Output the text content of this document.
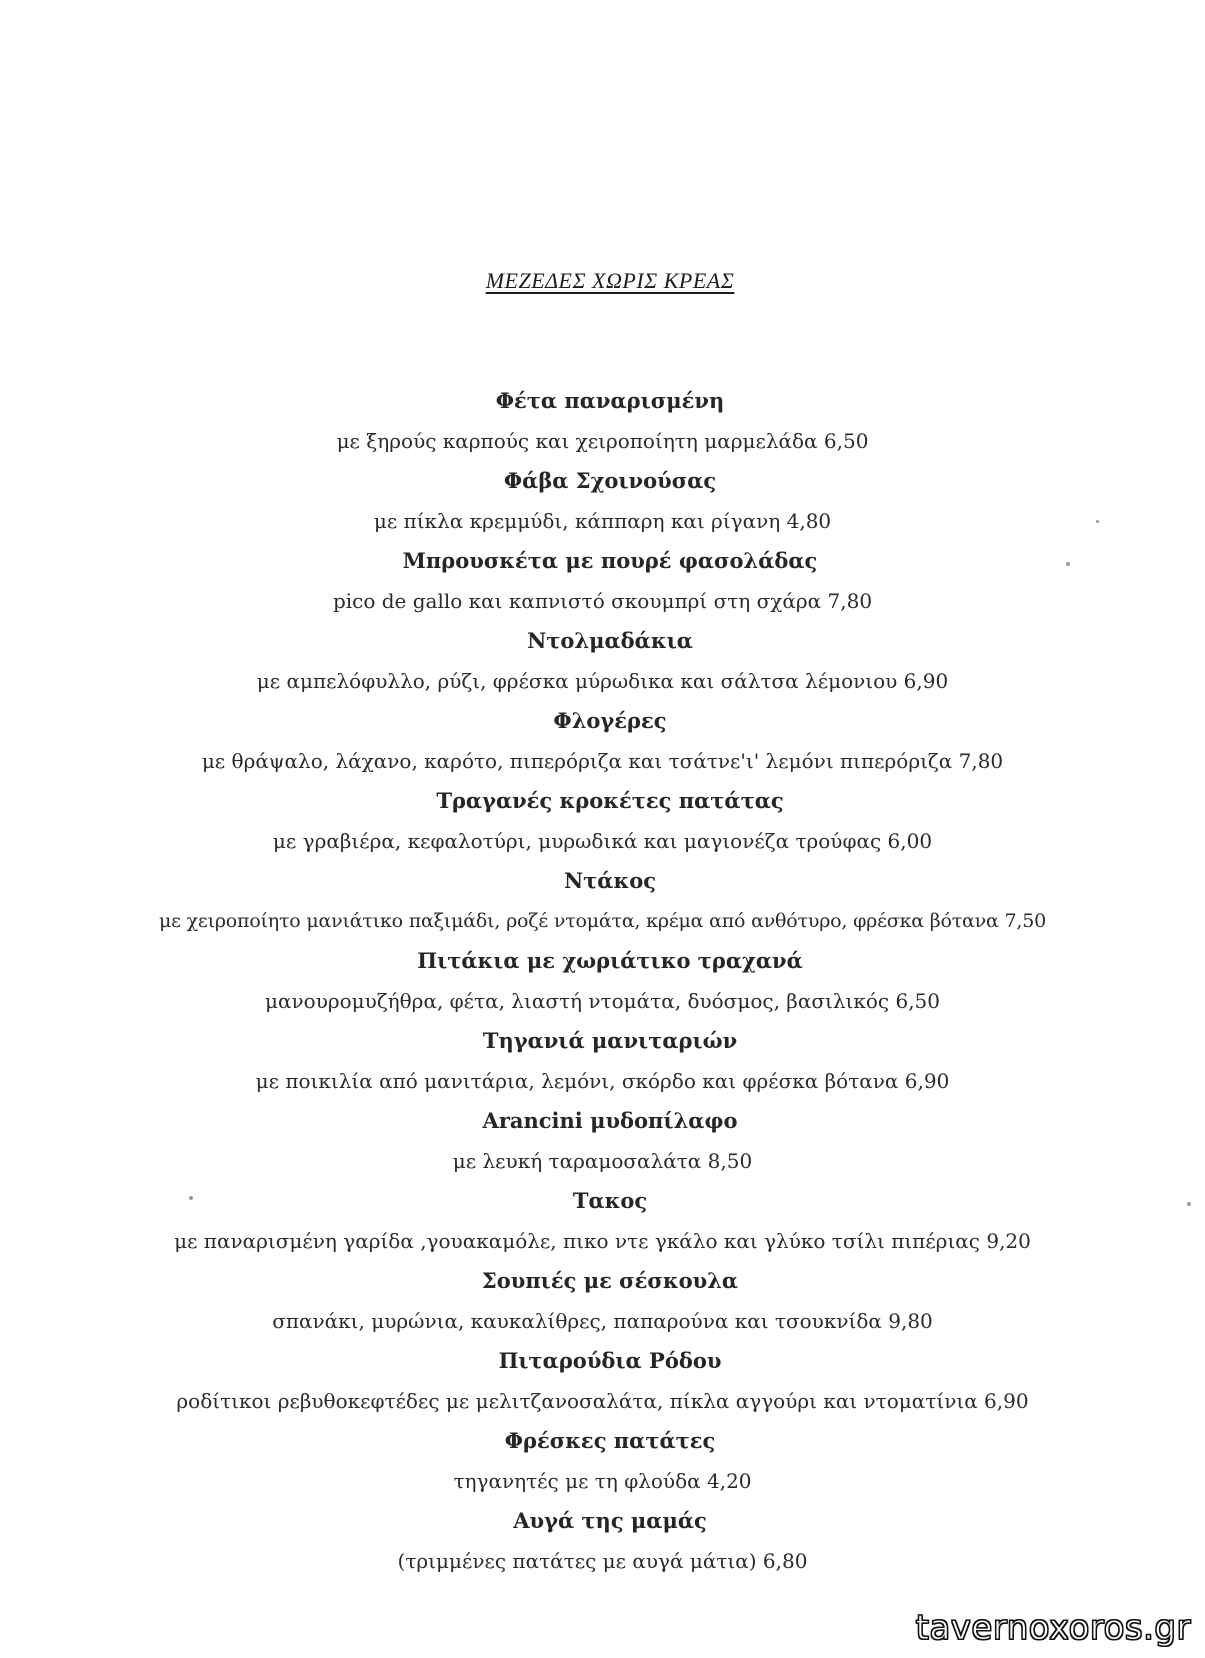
ΜΕΖΕΔΕΣ ΧΩΡΙΣ ΚΡΕΑΣ
Φέτα παναρισμένη
με ξηρούς καρπούς και χειροποίητη μαρμελάδα 6,50
Φάβα Σχοινούσας
με πίκλα κρεμμύδι, κάππαρη και ρίγανη 4,80
Μπρουσκέτα με πουρέ φασολάδας
pico de gallo και καπνιστό σκουμπρί στη σχάρα 7,80
Ντολμαδάκια
με αμπελόφυλλο, ρύζι, φρέσκα μύρωδικα και σάλτσα λέμονιου 6,90
Φλογέρες
με θράψαλο, λάχανο, καρότο, πιπερόριζα και τσάτνε'ι' λεμόνι πιπερόριζα 7,80
Τραγανές κροκέτες πατάτας
με γραβιέρα, κεφαλοτύρι, μυρωδικά και μαγιονέζα τρούφας 6,00
Ντάκος
με χειροποίητο μανιάτικο παξιμάδι, ροζέ ντομάτα, κρέμα από ανθότυρο, φρέσκα βότανα 7,50
Πιτάκια με χωριάτικο τραχανά
μανουρομυζήθρα, φέτα, λιαστή ντομάτα, δυόσμος, βασιλικός 6,50
Τηγανιά μανιταριών
με ποικιλία από μανιτάρια, λεμόνι, σκόρδο και φρέσκα βότανα 6,90
Arancini μυδοπίλαφο
με λευκή ταραμοσαλάτα 8,50
Τακος
με παναρισμένη γαρίδα ,γουακαμόλε, πικο ντε γκάλο και γλύκο τσίλι πιπέριας 9,20
Σουπιές με σέσκουλα
σπανάκι, μυρώνια, καυκαλίθρες, παπαρούνα και τσουκνίδα 9,80
Πιταρούδια Ρόδου
ροδίτικοι ρεβυθοκεφτέδες με μελιτζανοσαλάτα, πίκλα αγγούρι και ντοματίνια 6,90
Φρέσκες πατάτες
τηγανητές με τη φλούδα 4,20
Αυγά της μαμάς
(τριμμένες πατάτες με αυγά μάτια) 6,80
tavernoxoros.gr
